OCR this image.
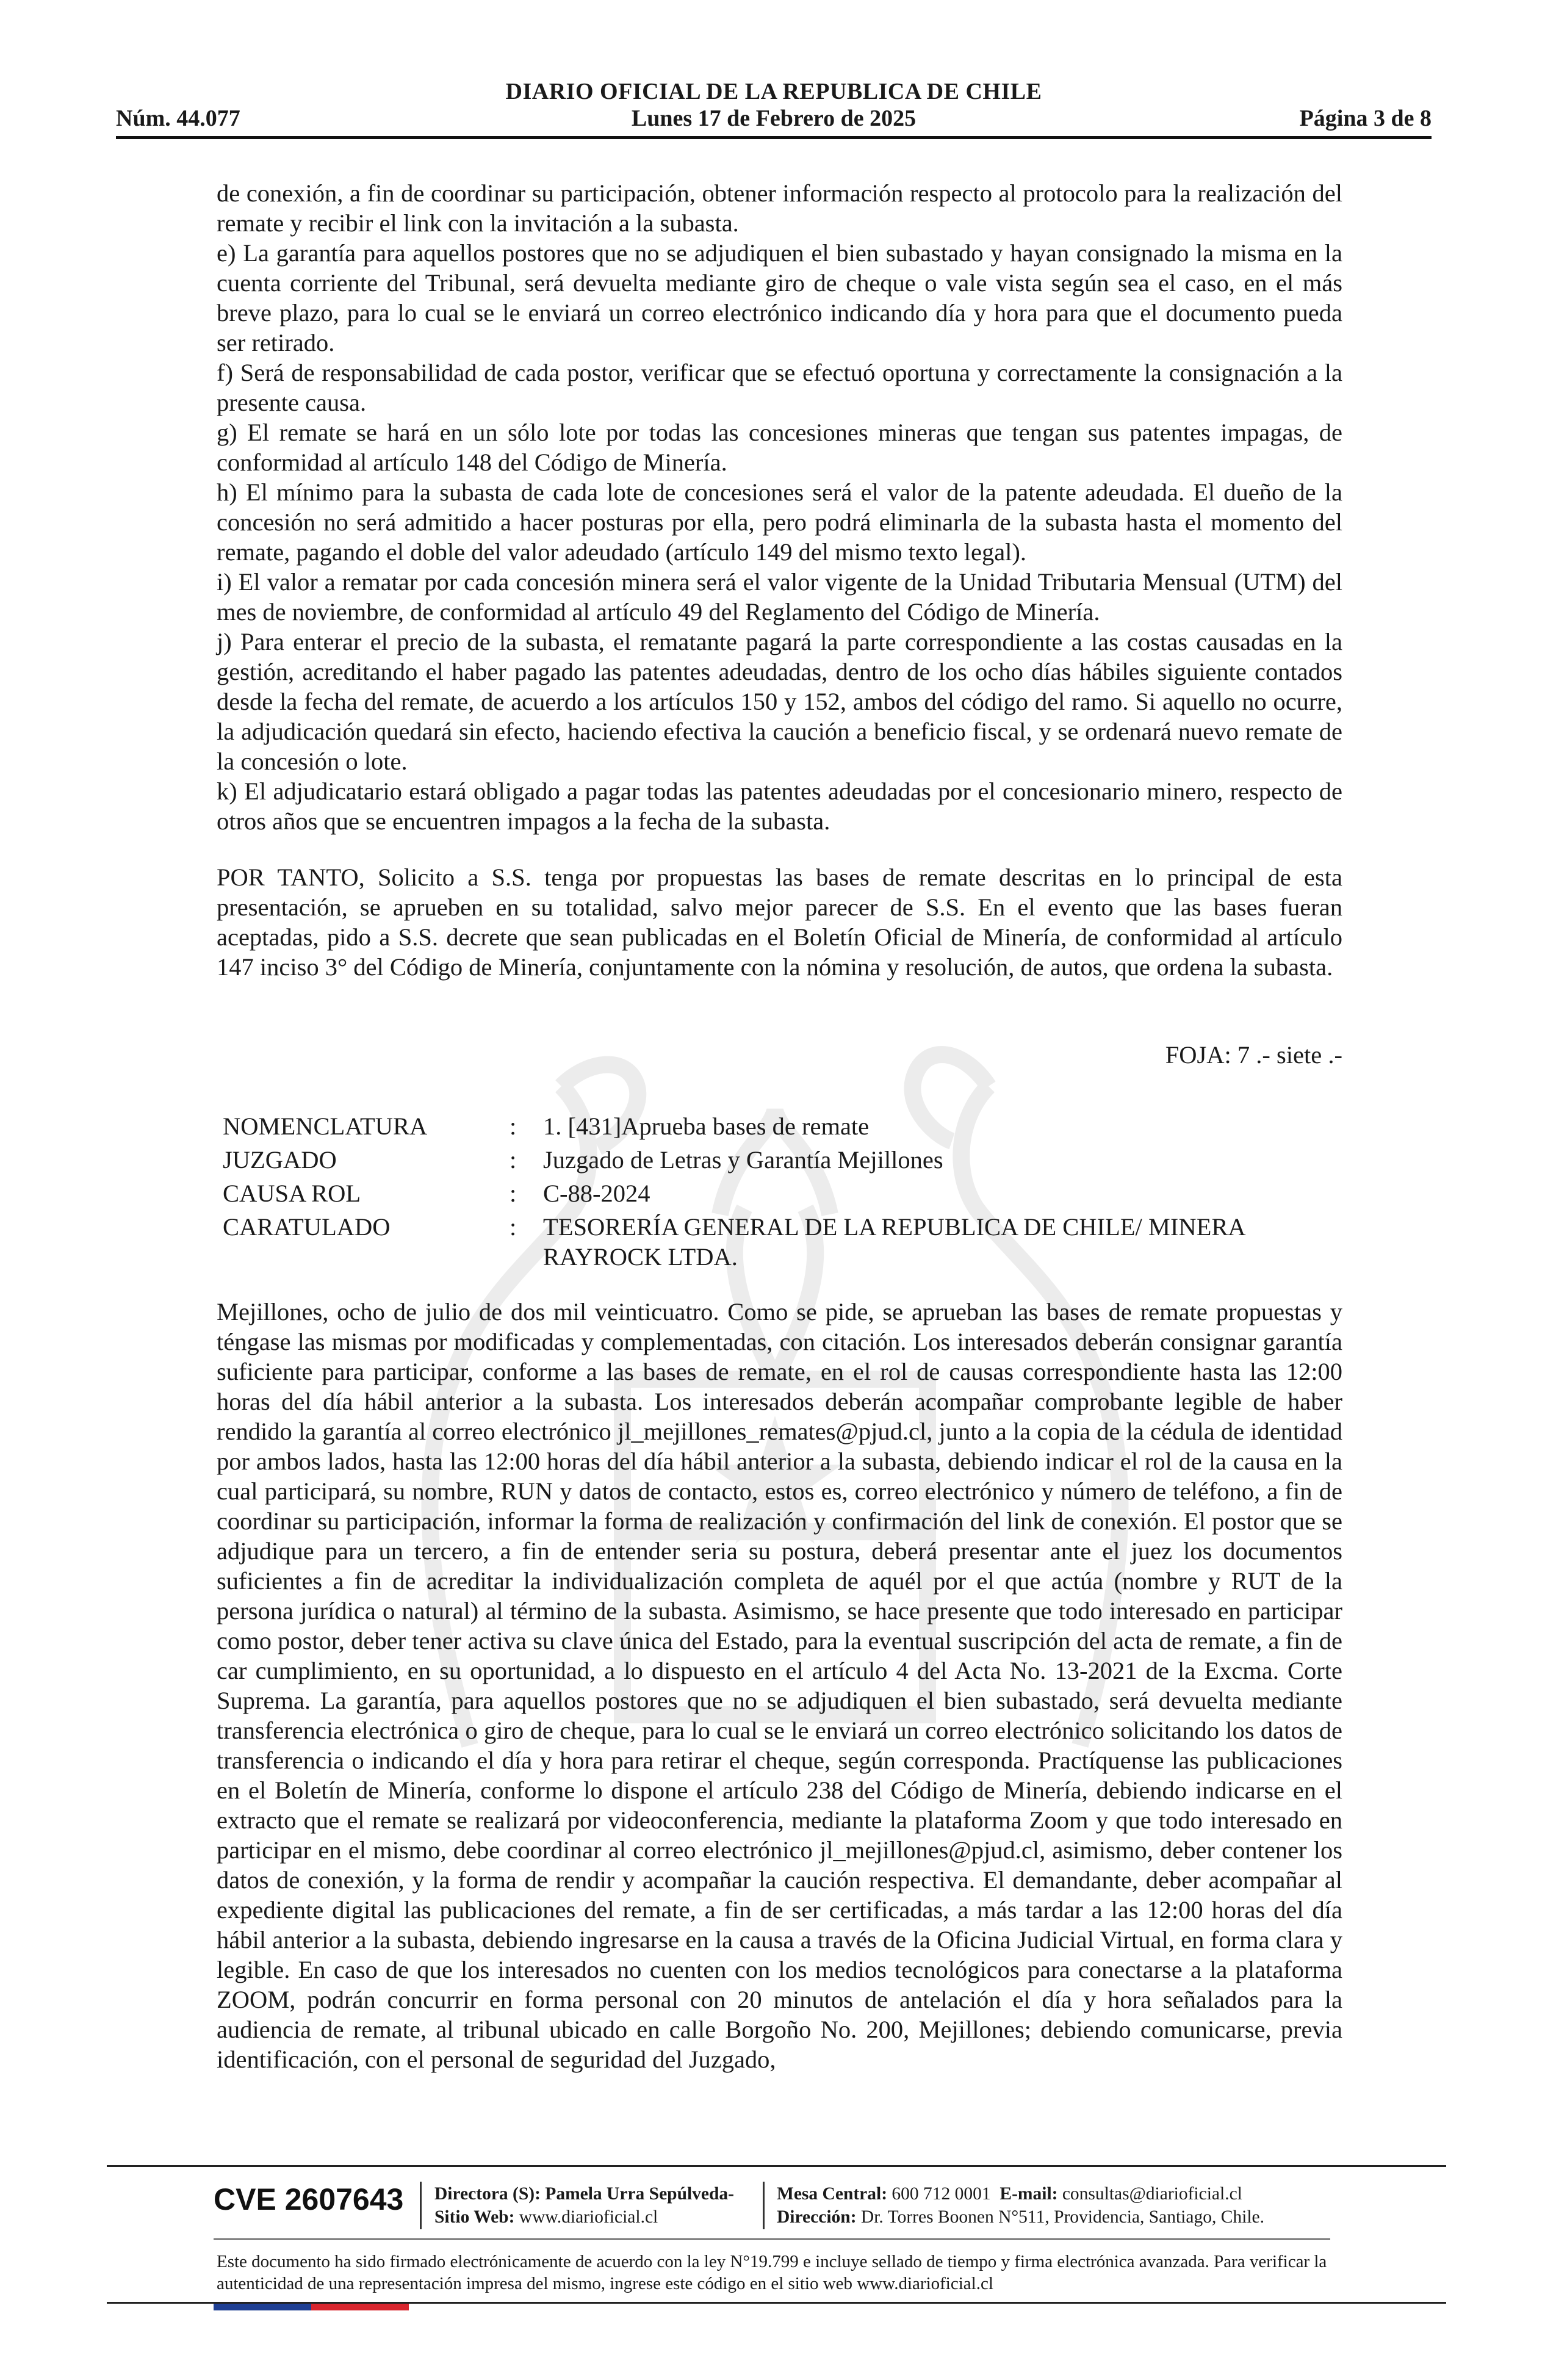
DIARIO OFICIAL DE LA REPUBLICA DE CHILE
Núm. 44.077	Lunes 17 de Febrero de 2025	Página 3 de 8

de conexión, a fin de coordinar su participación, obtener información respecto al protocolo para la realización del remate y recibir el link con la invitación a la subasta.

e) La garantía para aquellos postores que no se adjudiquen el bien subastado y hayan consignado la misma en la cuenta corriente del Tribunal, será devuelta mediante giro de cheque o vale vista según sea el caso, en el más breve plazo, para lo cual se le enviará un correo electrónico indicando día y hora para que el documento pueda ser retirado.

f) Será de responsabilidad de cada postor, verificar que se efectuó oportuna y correctamente la consignación a la presente causa.

g) El remate se hará en un sólo lote por todas las concesiones mineras que tengan sus patentes impagas, de conformidad al artículo 148 del Código de Minería.

h) El mínimo para la subasta de cada lote de concesiones será el valor de la patente adeudada. El dueño de la concesión no será admitido a hacer posturas por ella, pero podrá eliminarla de la subasta hasta el momento del remate, pagando el doble del valor adeudado (artículo 149 del mismo texto legal).

i) El valor a rematar por cada concesión minera será el valor vigente de la Unidad Tributaria Mensual (UTM) del mes de noviembre, de conformidad al artículo 49 del Reglamento del Código de Minería.

j) Para enterar el precio de la subasta, el rematante pagará la parte correspondiente a las costas causadas en la gestión, acreditando el haber pagado las patentes adeudadas, dentro de los ocho días hábiles siguiente contados desde la fecha del remate, de acuerdo a los artículos 150 y 152, ambos del código del ramo. Si aquello no ocurre, la adjudicación quedará sin efecto, haciendo efectiva la caución a beneficio fiscal, y se ordenará nuevo remate de la concesión o lote.

k) El adjudicatario estará obligado a pagar todas las patentes adeudadas por el concesionario minero, respecto de otros años que se encuentren impagos a la fecha de la subasta.

POR TANTO, Solicito a S.S. tenga por propuestas las bases de remate descritas en lo principal de esta presentación, se aprueben en su totalidad, salvo mejor parecer de S.S. En el evento que las bases fueran aceptadas, pido a S.S. decrete que sean publicadas en el Boletín Oficial de Minería, de conformidad al artículo 147 inciso 3° del Código de Minería, conjuntamente con la nómina y resolución, de autos, que ordena la subasta.

FOJA: 7 .- siete .-
NOMENCLATURA	:	1. [431]Aprueba bases de remate
JUZGADO	:	Juzgado de Letras y Garantía Mejillones
CAUSA ROL	:	C-88-2024
CARATULADO	:	TESORERÍA GENERAL DE LA REPUBLICA DE CHILE/ MINERA RAYROCK LTDA.

Mejillones, ocho de julio de dos mil veinticuatro. Como se pide, se aprueban las bases de remate propuestas y téngase las mismas por modificadas y complementadas, con citación. Los interesados deberán consignar garantía suficiente para participar, conforme a las bases de remate, en el rol de causas correspondiente hasta las 12:00 horas del día hábil anterior a la subasta. Los interesados deberán acompañar comprobante legible de haber rendido la garantía al correo electrónico jl_mejillones_remates@pjud.cl, junto a la copia de la cédula de identidad por ambos lados, hasta las 12:00 horas del día hábil anterior a la subasta, debiendo indicar el rol de la causa en la cual participará, su nombre, RUN y datos de contacto, estos es, correo electrónico y número de teléfono, a fin de coordinar su participación, informar la forma de realización y confirmación del link de conexión. El postor que se adjudique para un tercero, a fin de entender seria su postura, deberá presentar ante el juez los documentos suficientes a fin de acreditar la individualización completa de aquél por el que actúa (nombre y RUT de la persona jurídica o natural) al término de la subasta. Asimismo, se hace presente que todo interesado en participar como postor, deber tener activa su clave única del Estado, para la eventual suscripción del acta de remate, a fin de car cumplimiento, en su oportunidad, a lo dispuesto en el artículo 4 del Acta No. 13-2021 de la Excma. Corte Suprema. La garantía, para aquellos postores que no se adjudiquen el bien subastado, será devuelta mediante transferencia electrónica o giro de cheque, para lo cual se le enviará un correo electrónico solicitando los datos de transferencia o indicando el día y hora para retirar el cheque, según corresponda. Practíquense las publicaciones en el Boletín de Minería, conforme lo dispone el artículo 238 del Código de Minería, debiendo indicarse en el extracto que el remate se realizará por videoconferencia, mediante la plataforma Zoom y que todo interesado en participar en el mismo, debe coordinar al correo electrónico jl_mejillones@pjud.cl, asimismo, deber contener los datos de conexión, y la forma de rendir y acompañar la caución respectiva. El demandante, deber acompañar al expediente digital las publicaciones del remate, a fin de ser certificadas, a más tardar a las 12:00 horas del día hábil anterior a la subasta, debiendo ingresarse en la causa a través de la Oficina Judicial Virtual, en forma clara y legible. En caso de que los interesados no cuenten con los medios tecnológicos para conectarse a la plataforma ZOOM, podrán concurrir en forma personal con 20 minutos de antelación el día y hora señalados para la audiencia de remate, al tribunal ubicado en calle Borgoño No. 200, Mejillones; debiendo comunicarse, previa identificación, con el personal de seguridad del Juzgado,

CVE 2607643 Directora (S): Pamela Urra Sepúlveda-
Sitio Web: www.diarioficial.cl
Mesa Central: 600 712 0001 E-mail: consultas@diarioficial.cl
Dirección: Dr. Torres Boonen N°511, Providencia, Santiago, Chile.
Este documento ha sido firmado electrónicamente de acuerdo con la ley N°19.799 e incluye sellado de tiempo y firma electrónica avanzada. Para verificar la autenticidad de una representación impresa del mismo, ingrese este código en el sitio web www.diarioficial.cl
